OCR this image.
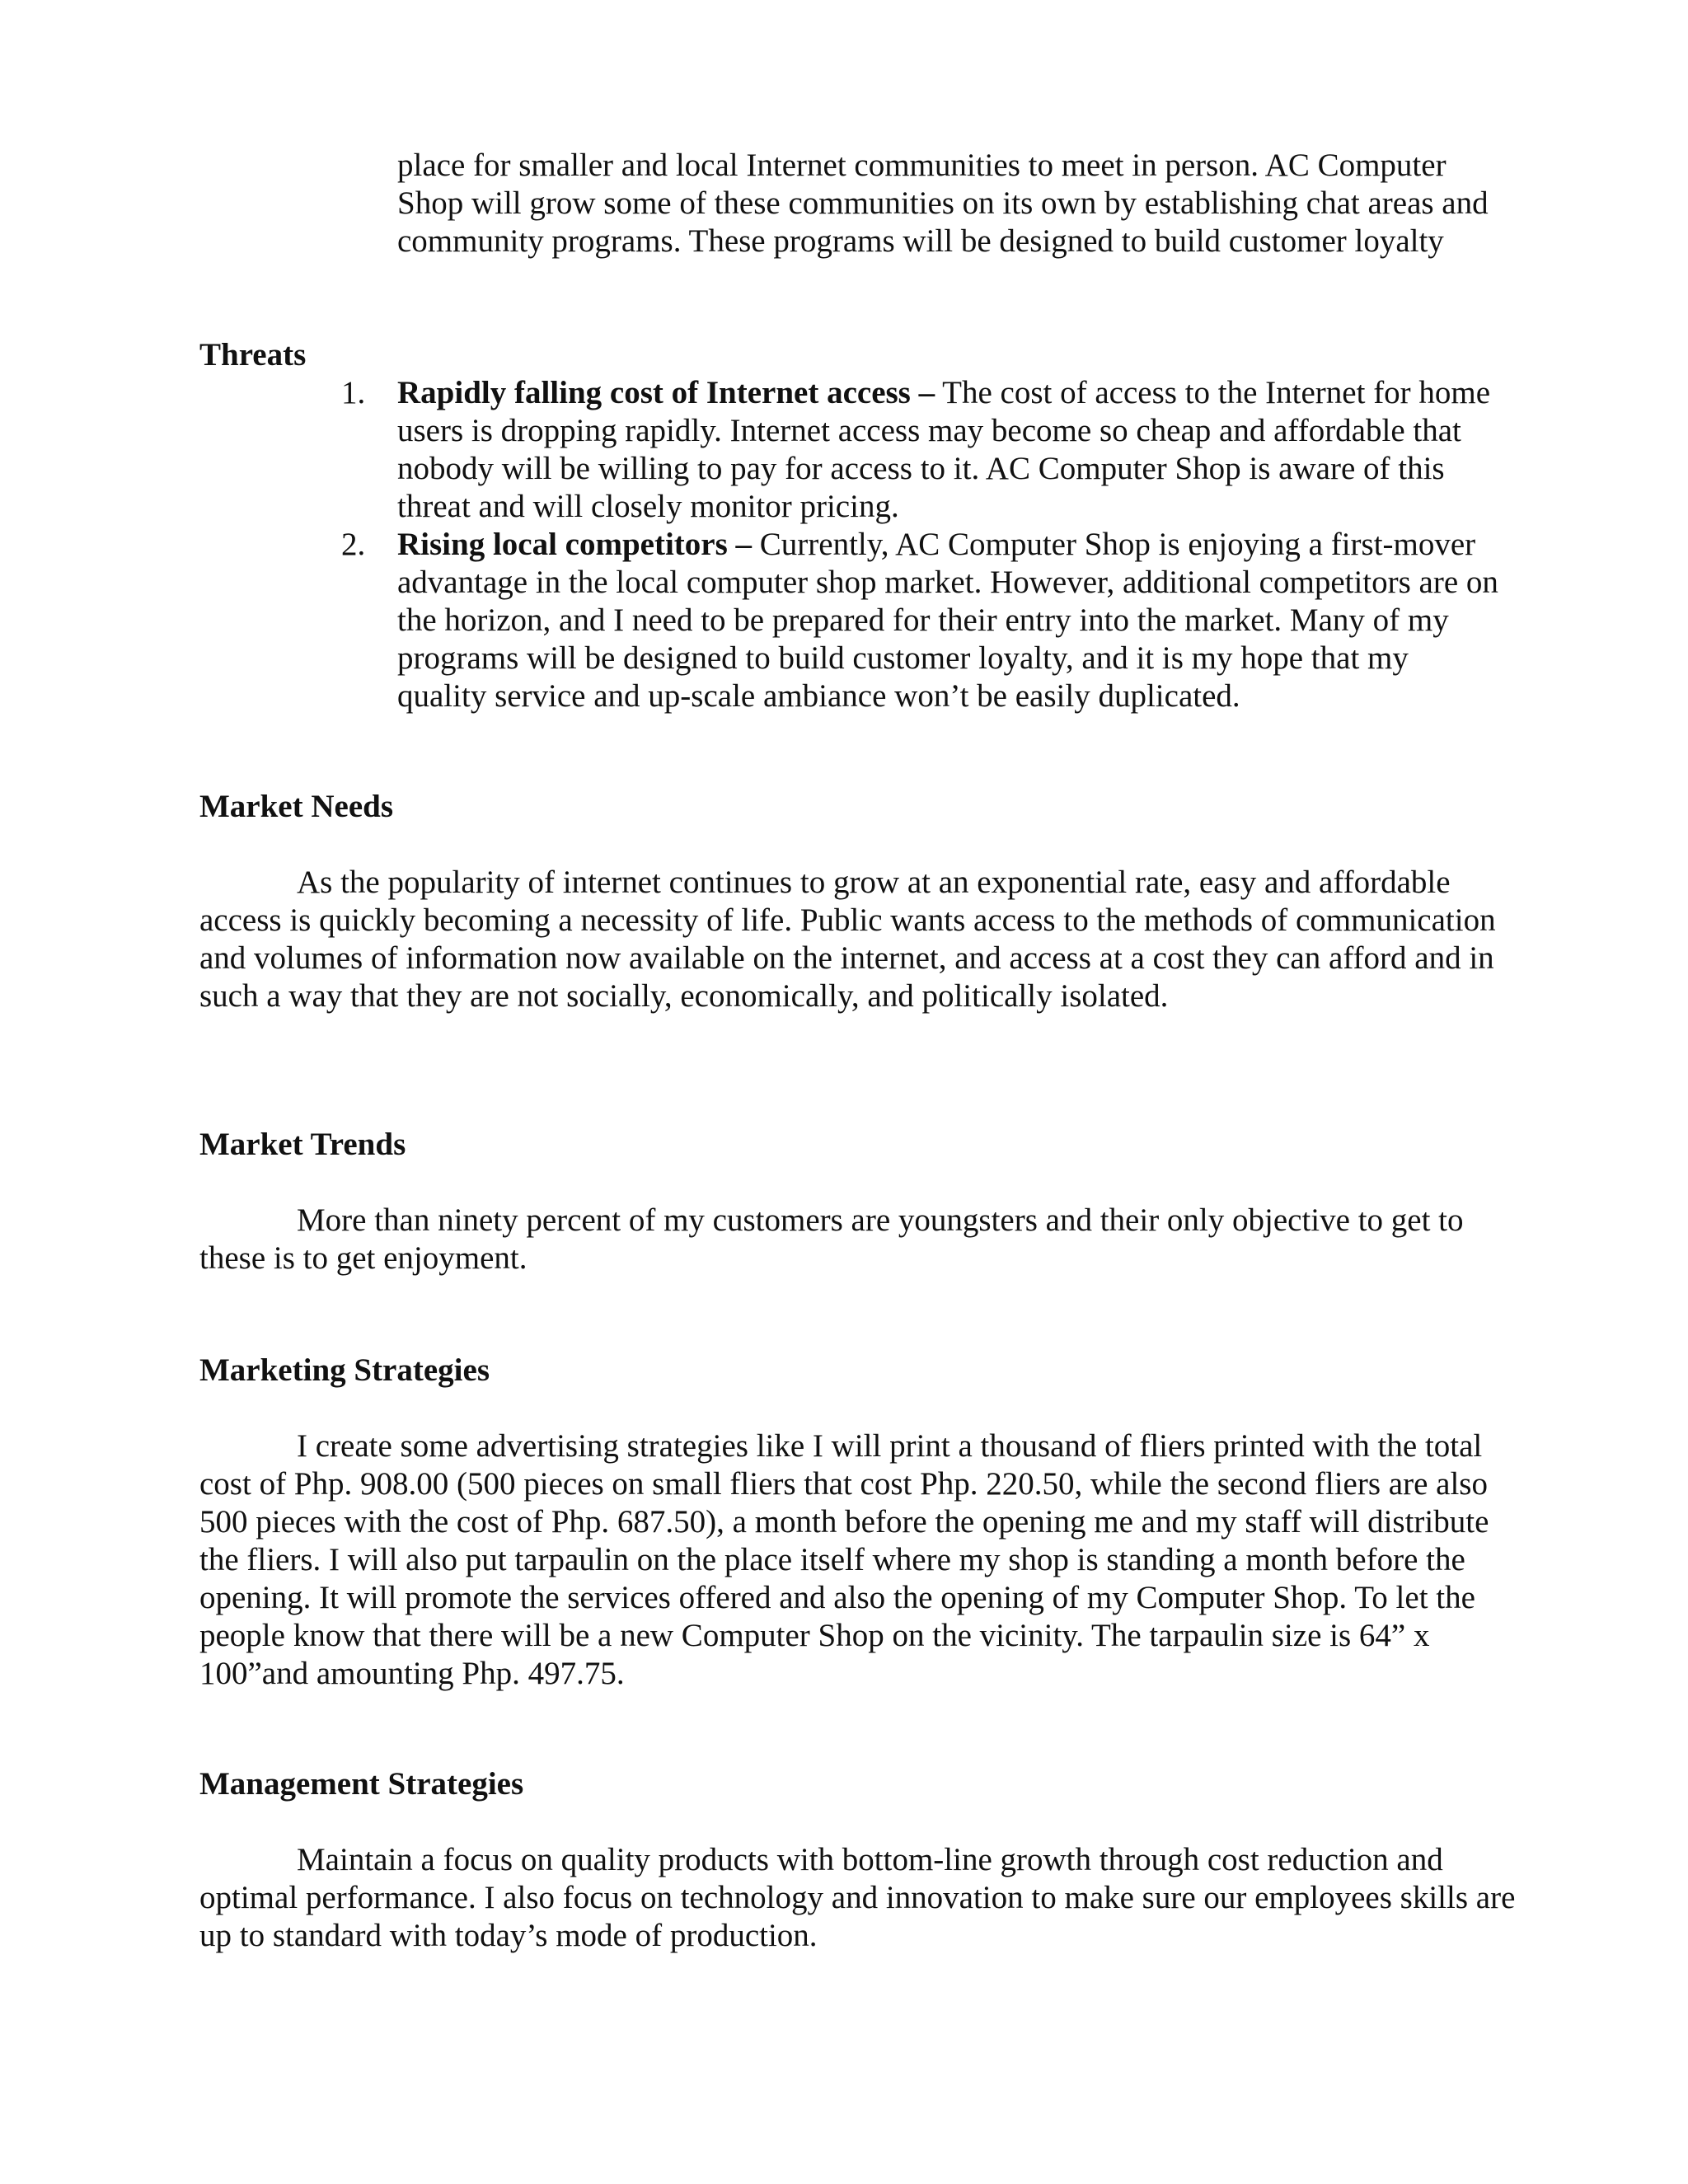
place for smaller and local Internet communities to meet in person. AC Computer Shop will grow some of these communities on its own by establishing chat areas and community programs. These programs will be designed to build customer loyalty

Threats

1. Rapidly falling cost of Internet access – The cost of access to the Internet for home users is dropping rapidly. Internet access may become so cheap and affordable that nobody will be willing to pay for access to it. AC Computer Shop is aware of this threat and will closely monitor pricing.

2. Rising local competitors – Currently, AC Computer Shop is enjoying a first-mover advantage in the local computer shop market. However, additional competitors are on the horizon, and I need to be prepared for their entry into the market. Many of my programs will be designed to build customer loyalty, and it is my hope that my quality service and up-scale ambiance won’t be easily duplicated.

Market Needs

As the popularity of internet continues to grow at an exponential rate, easy and affordable access is quickly becoming a necessity of life. Public wants access to the methods of communication and volumes of information now available on the internet, and access at a cost they can afford and in such a way that they are not socially, economically, and politically isolated.

Market Trends

More than ninety percent of my customers are youngsters and their only objective to get to these is to get enjoyment.

Marketing Strategies

I create some advertising strategies like I will print a thousand of fliers printed with the total cost of Php. 908.00 (500 pieces on small fliers that cost Php. 220.50, while the second fliers are also 500 pieces with the cost of Php. 687.50), a month before the opening me and my staff will distribute the fliers. I will also put tarpaulin on the place itself where my shop is standing a month before the opening. It will promote the services offered and also the opening of my Computer Shop. To let the people know that there will be a new Computer Shop on the vicinity. The tarpaulin size is 64” x 100”and amounting Php. 497.75.

Management Strategies

Maintain a focus on quality products with bottom-line growth through cost reduction and optimal performance. I also focus on technology and innovation to make sure our employees skills are up to standard with today’s mode of production.
